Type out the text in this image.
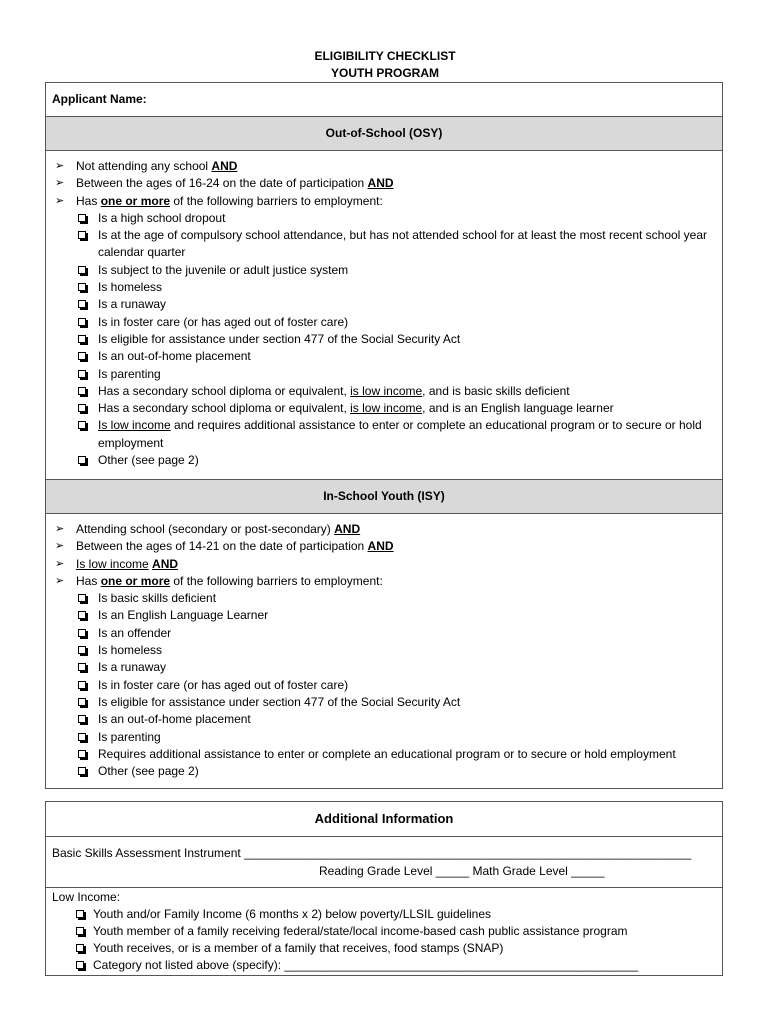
ELIGIBILITY CHECKLIST
YOUTH PROGRAM
Applicant Name:
Out-of-School (OSY)
➢ Not attending any school AND
➢ Between the ages of 16-24 on the date of participation AND
➢ Has one or more of the following barriers to employment:
Is a high school dropout
Is at the age of compulsory school attendance, but has not attended school for at least the most recent school year calendar quarter
Is subject to the juvenile or adult justice system
Is homeless
Is a runaway
Is in foster care (or has aged out of foster care)
Is eligible for assistance under section 477 of the Social Security Act
Is an out-of-home placement
Is parenting
Has a secondary school diploma or equivalent, is low income, and is basic skills deficient
Has a secondary school diploma or equivalent, is low income, and is an English language learner
Is low income and requires additional assistance to enter or complete an educational program or to secure or hold employment
Other (see page 2)
In-School Youth (ISY)
➢ Attending school (secondary or post-secondary) AND
➢ Between the ages of 14-21 on the date of participation AND
➢ Is low income AND
➢ Has one or more of the following barriers to employment:
Is basic skills deficient
Is an English Language Learner
Is an offender
Is homeless
Is a runaway
Is in foster care (or has aged out of foster care)
Is eligible for assistance under section 477 of the Social Security Act
Is an out-of-home placement
Is parenting
Requires additional assistance to enter or complete an educational program or to secure or hold employment
Other (see page 2)
Additional Information
Basic Skills Assessment Instrument ___________________________________________________________________
Reading Grade Level _____ Math Grade Level _____
Low Income:
Youth and/or Family Income (6 months x 2) below poverty/LLSIL guidelines
Youth member of a family receiving federal/state/local income-based cash public assistance program
Youth receives, or is a member of a family that receives, food stamps (SNAP)
Category not listed above (specify): _____________________________________________________
